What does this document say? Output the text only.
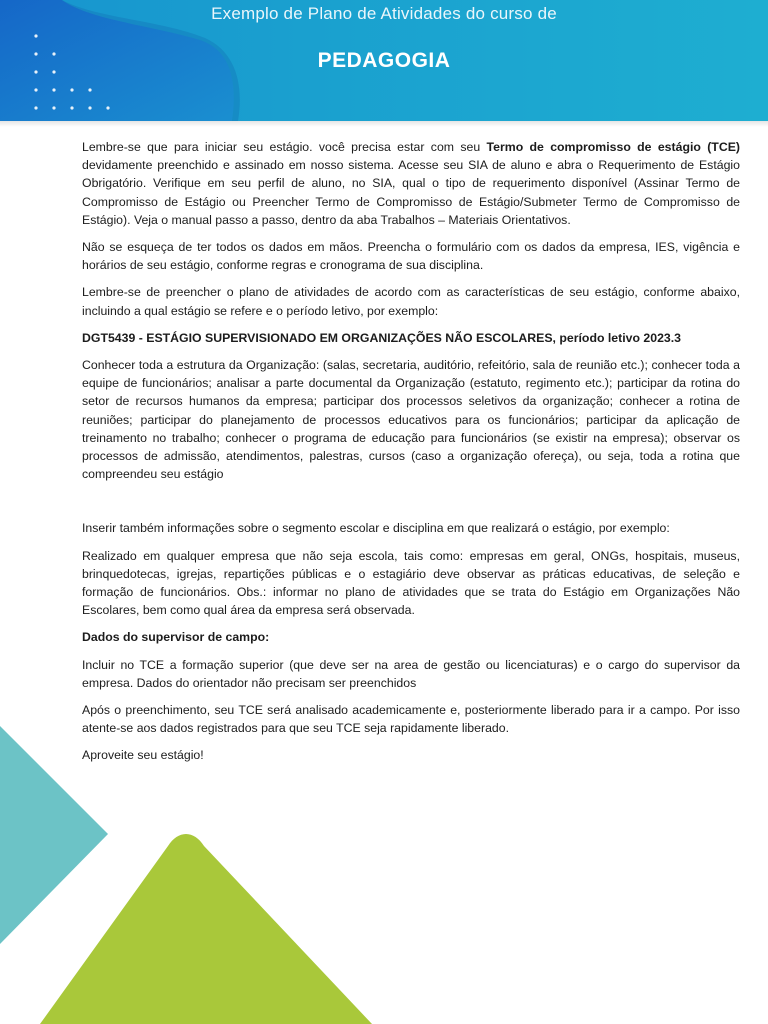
Exemplo de Plano de Atividades do curso de
PEDAGOGIA

Lembre-se que para iniciar seu estágio. você precisa estar com seu Termo de compromisso de estágio (TCE) devidamente preenchido e assinado em nosso sistema. Acesse seu SIA de aluno e abra o Requerimento de Estágio Obrigatório. Verifique em seu perfil de aluno, no SIA, qual o tipo de requerimento disponível (Assinar Termo de Compromisso de Estágio ou Preencher Termo de Compromisso de Estágio/Submeter Termo de Compromisso de Estágio). Veja o manual passo a passo, dentro da aba Trabalhos – Materiais Orientativos.

Não se esqueça de ter todos os dados em mãos. Preencha o formulário com os dados da empresa, IES, vigência e horários de seu estágio, conforme regras e cronograma de sua disciplina.

Lembre-se de preencher o plano de atividades de acordo com as características de seu estágio, conforme abaixo, incluindo a qual estágio se refere e o período letivo, por exemplo:

DGT5439 - ESTÁGIO SUPERVISIONADO EM ORGANIZAÇÕES NÃO ESCOLARES, período letivo 2023.3

Conhecer toda a estrutura da Organização: (salas, secretaria, auditório, refeitório, sala de reunião etc.); conhecer toda a equipe de funcionários; analisar a parte documental da Organização (estatuto, regimento etc.); participar da rotina do setor de recursos humanos da empresa; participar dos processos seletivos da organização; conhecer a rotina de reuniões; participar do planejamento de processos educativos para os funcionários; participar da aplicação de treinamento no trabalho; conhecer o programa de educação para funcionários (se existir na empresa); observar os processos de admissão, atendimentos, palestras, cursos (caso a organização ofereça), ou seja, toda a rotina que compreendeu seu estágio

Inserir também informações sobre o segmento escolar e disciplina em que realizará o estágio, por exemplo:

Realizado em qualquer empresa que não seja escola, tais como: empresas em geral, ONGs, hospitais, museus, brinquedotecas, igrejas, repartições públicas e o estagiário deve observar as práticas educativas, de seleção e formação de funcionários. Obs.: informar no plano de atividades que se trata do Estágio em Organizações Não Escolares, bem como qual área da empresa será observada.

Dados do supervisor de campo:

Incluir no TCE a formação superior (que deve ser na area de gestão ou licenciaturas) e o cargo do supervisor da empresa. Dados do orientador não precisam ser preenchidos

Após o preenchimento, seu TCE será analisado academicamente e, posteriormente liberado para ir a campo. Por isso atente-se aos dados registrados para que seu TCE seja rapidamente liberado.

Aproveite seu estágio!
